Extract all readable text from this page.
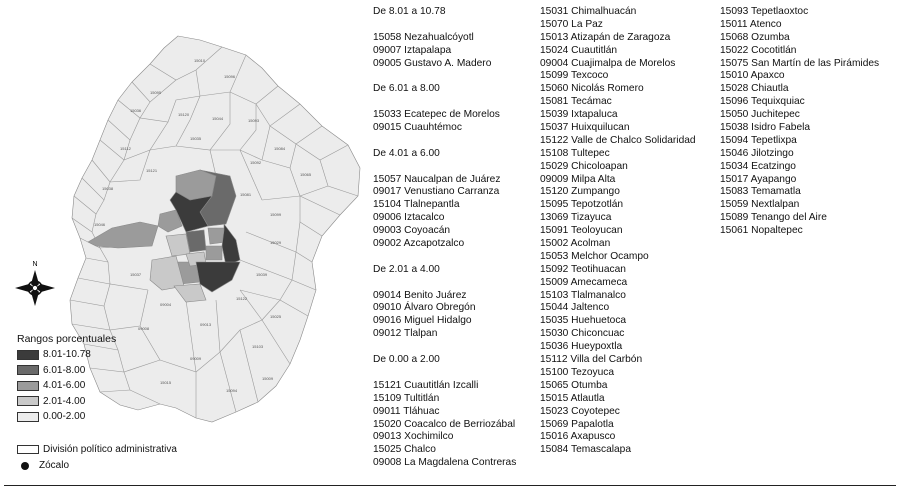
15010
15096
15095
15036
15120
15044	15093
15112
15035
15084
15092
15121
15065
15038
15081
15046
15099
15029
15037	15039
09004
15122
09008
09013
15025
15103
09009
15009
15094
15015
N
Rangos porcentuales
8.01-10.78
6.01-8.00
4.01-6.00
2.01-4.00
0.00-2.00
División político administrativa
Zócalo
De 8.01 a 10.78
15058 Nezahualcóyotl
09007 Iztapalapa
09005 Gustavo A. Madero
De 6.01 a 8.00
15033 Ecatepec de Morelos
09015 Cuauhtémoc
De 4.01 a 6.00
15057 Naucalpan de Juárez
09017 Venustiano Carranza
15104 Tlalnepantla
09006 Iztacalco
09003 Coyoacán
09002 Azcapotzalco
De 2.01 a 4.00
09014 Benito Juárez
09010 Álvaro Obregón
09016 Miguel Hidalgo
09012 Tlalpan
De 0.00 a 2.00
15121 Cuautitlán Izcalli
15109 Tultitlán
09011 Tláhuac
15020 Coacalco de Berriozábal
09013 Xochimilco
15025 Chalco
09008 La Magdalena Contreras
15031 Chimalhuacán
15070 La Paz
15013 Atizapán de Zaragoza
15024 Cuautitlán
09004 Cuajimalpa de Morelos
15099 Texcoco
15060 Nicolás Romero
15081 Tecámac
15039 Ixtapaluca
15037 Huixquilucan
15122 Valle de Chalco Solidaridad
15108 Tultepec
15029 Chicoloapan
09009 Milpa Alta
15120 Zumpango
15095 Tepotzotlán
13069 Tizayuca
15091 Teoloyucan
15002 Acolman
15053 Melchor Ocampo
15092 Teotihuacan
15009 Amecameca
15103 Tlalmanalco
15044 Jaltenco
15035 Huehuetoca
15030 Chiconcuac
15036 Hueypoxtla
15112 Villa del Carbón
15100 Tezoyuca
15065 Otumba
15015 Atlautla
15023 Coyotepec
15069 Papalotla
15016 Axapusco
15084 Temascalapa
15093 Tepetlaoxtoc
15011 Atenco
15068 Ozumba
15022 Cocotitlán
15075 San Martín de las Pirámides
15010 Apaxco
15028 Chiautla
15096 Tequixquiac
15050 Juchitepec
15038 Isidro Fabela
15094 Tepetlixpa
15046 Jilotzingo
15034 Ecatzingo
15017 Ayapango
15083 Temamatla
15059 Nextlalpan
15089 Tenango del Aire
15061 Nopaltepec
